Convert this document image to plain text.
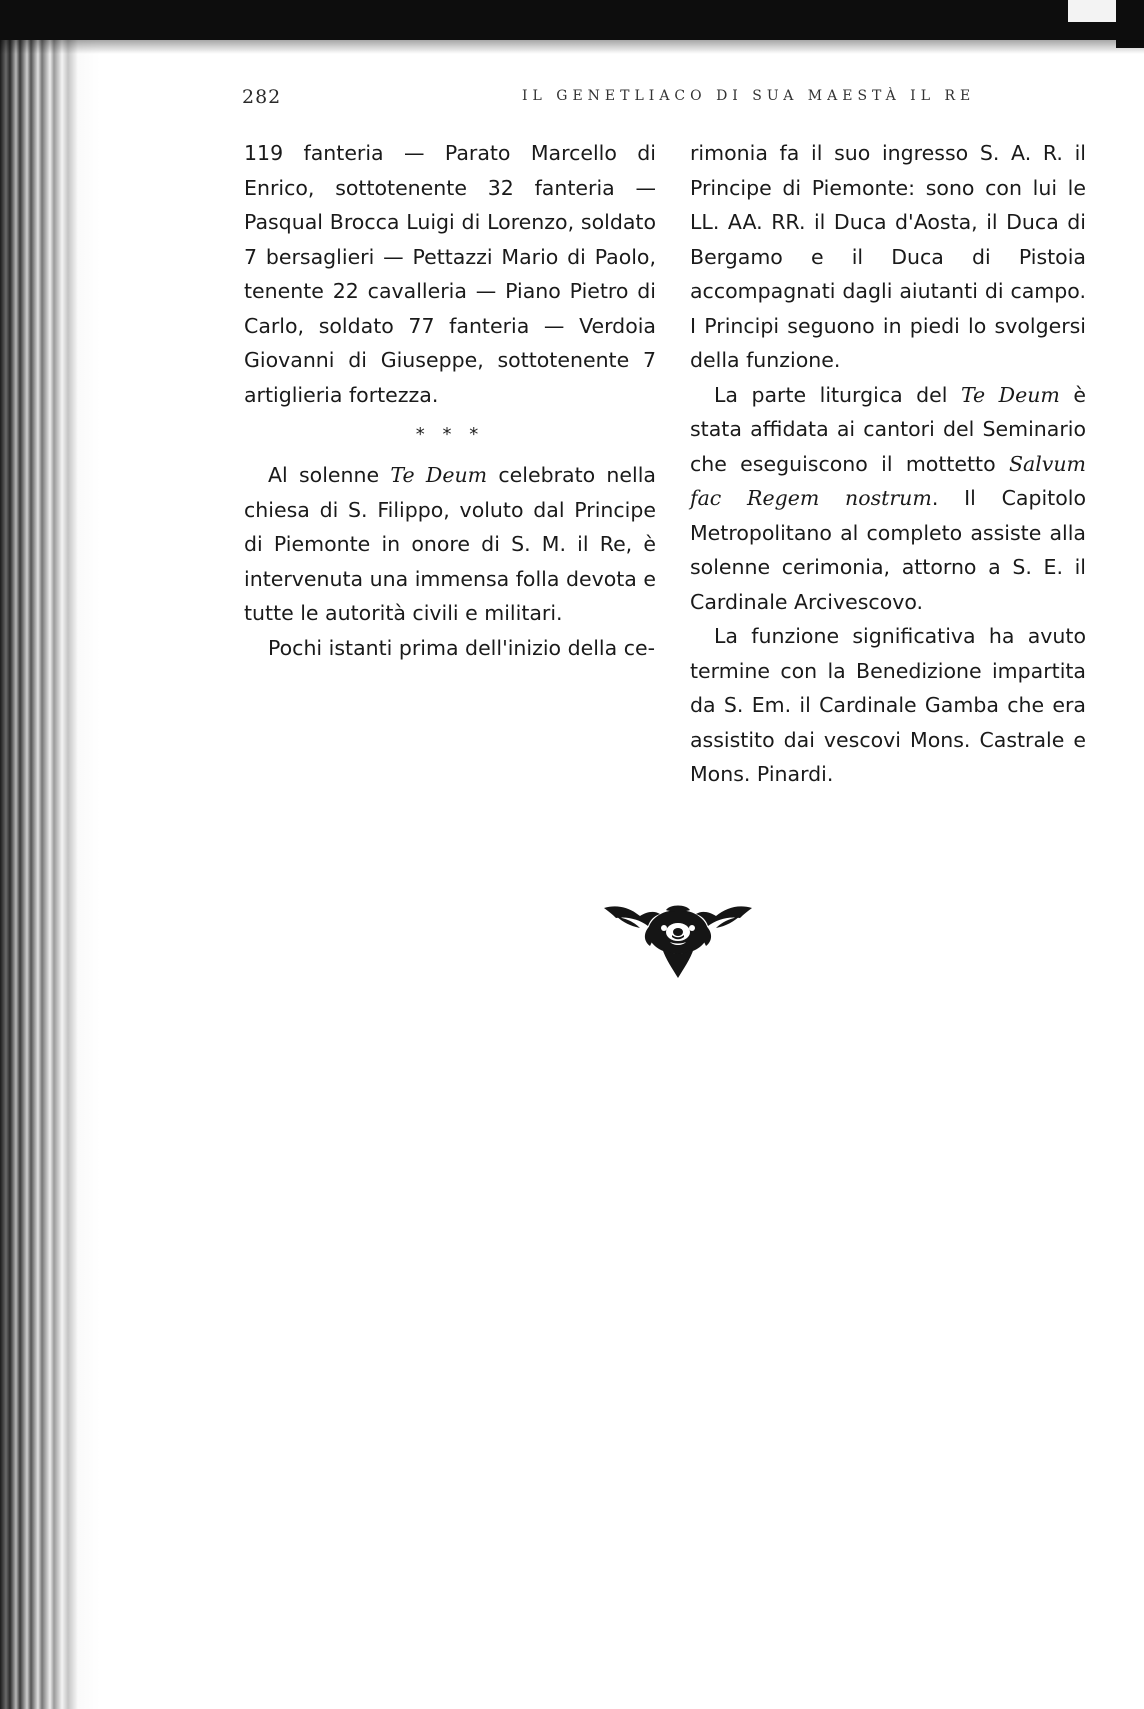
282	IL GENETLIACO DI SUA MAESTÀ IL RE

119 fanteria — Parato Marcello di Enrico, sottotenente 32 fanteria — Pasqual Brocca Luigi di Lorenzo, soldato 7 bersaglieri — Pettazzi Mario di Paolo, tenente 22 cavalleria — Piano Pietro di Carlo, soldato 77 fanteria — Verdoia Giovanni di Giuseppe, sottotenente 7 artiglieria fortezza.

* * *

Al solenne Te Deum celebrato nella chiesa di S. Filippo, voluto dal Principe di Piemonte in onore di S. M. il Re, è intervenuta una immensa folla devota e tutte le autorità civili e militari.

Pochi istanti prima dell'inizio della ce-

rimonia fa il suo ingresso S. A. R. il Principe di Piemonte: sono con lui le LL. AA. RR. il Duca d'Aosta, il Duca di Bergamo e il Duca di Pistoia accompagnati dagli aiutanti di campo. I Principi seguono in piedi lo svolgersi della funzione.

La parte liturgica del Te Deum è stata affidata ai cantori del Seminario che eseguiscono il mottetto Salvum fac Regem nostrum. Il Capitolo Metropolitano al completo assiste alla solenne cerimonia, attorno a S. E. il Cardinale Arcivescovo.

La funzione significativa ha avuto termine con la Benedizione impartita da S. Em. il Cardinale Gamba che era assistito dai vescovi Mons. Castrale e Mons. Pinardi.
